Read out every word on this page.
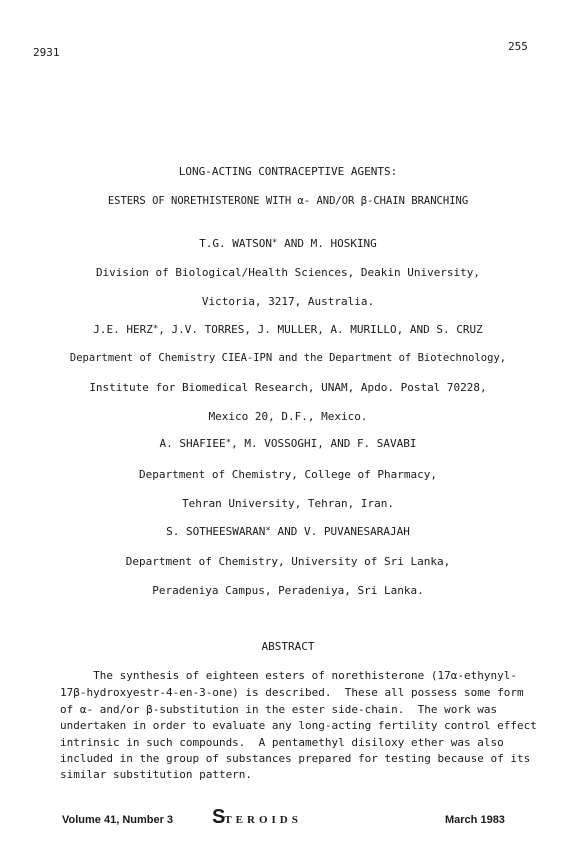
2931	255
LONG-ACTING CONTRACEPTIVE AGENTS:
ESTERS OF NORETHISTERONE WITH α- AND/OR β-CHAIN BRANCHING
T.G. WATSON* AND M. HOSKING
Division of Biological/Health Sciences, Deakin University,
Victoria, 3217, Australia.
J.E. HERZ*, J.V. TORRES, J. MULLER, A. MURILLO, AND S. CRUZ
Department of Chemistry CIEA-IPN and the Department of Biotechnology,
Institute for Biomedical Research, UNAM, Apdo. Postal 70228,
Mexico 20, D.F., Mexico.
A. SHAFIEE*, M. VOSSOGHI, AND F. SAVABI
Department of Chemistry, College of Pharmacy,
Tehran University, Tehran, Iran.
S. SOTHEESWARAN* AND V. PUVANESARAJAH
Department of Chemistry, University of Sri Lanka,
Peradeniya Campus, Peradeniya, Sri Lanka.
ABSTRACT
The synthesis of eighteen esters of norethisterone (17α-ethynyl-
17β-hydroxyestr-4-en-3-one) is described.  These all possess some form
of α- and/or β-substitution in the ester side-chain.  The work was
undertaken in order to evaluate any long-acting fertility control effect
intrinsic in such compounds.  A pentamethyl disiloxy ether was also
included in the group of substances prepared for testing because of its
similar substitution pattern.
Volume 41, Number 3 STEROIDS	March 1983
